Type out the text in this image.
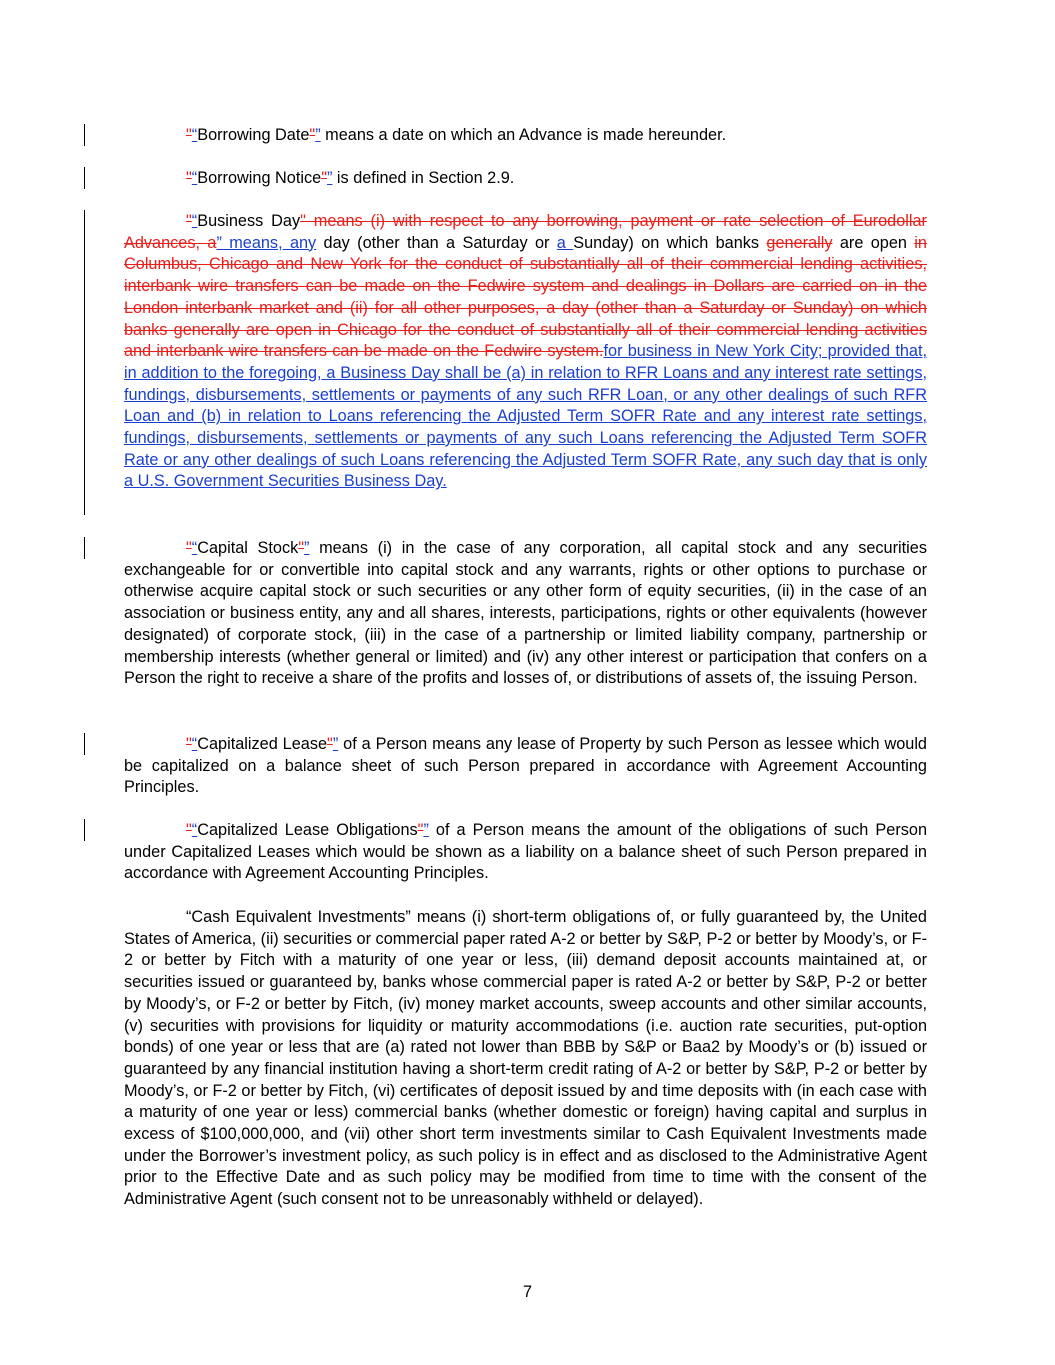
"“Borrowing Date"” means a date on which an Advance is made hereunder.

"“Borrowing Notice"” is defined in Section 2.9.

"“Business Day" means (i) with respect to any borrowing, payment or rate selection of Eurodollar Advances, a” means, any day (other than a Saturday or a Sunday) on which banks generally are open in Columbus, Chicago and New York for the conduct of substantially all of their commercial lending activities, interbank wire transfers can be made on the Fedwire system and dealings in Dollars are carried on in the London interbank market and (ii) for all other purposes, a day (other than a Saturday or Sunday) on which banks generally are open in Chicago for the conduct of substantially all of their commercial lending activities and interbank wire transfers can be made on the Fedwire system.for business in New York City; provided that, in addition to the foregoing, a Business Day shall be (a) in relation to RFR Loans and any interest rate settings, fundings, disbursements, settlements or payments of any such RFR Loan, or any other dealings of such RFR Loan and (b) in relation to Loans referencing the Adjusted Term SOFR Rate and any interest rate settings, fundings, disbursements, settlements or payments of any such Loans referencing the Adjusted Term SOFR Rate or any other dealings of such Loans referencing the Adjusted Term SOFR Rate, any such day that is only a U.S. Government Securities Business Day.

"“Capital Stock"” means (i) in the case of any corporation, all capital stock and any securities exchangeable for or convertible into capital stock and any warrants, rights or other options to purchase or otherwise acquire capital stock or such securities or any other form of equity securities, (ii) in the case of an association or business entity, any and all shares, interests, participations, rights or other equivalents (however designated) of corporate stock, (iii) in the case of a partnership or limited liability company, partnership or membership interests (whether general or limited) and (iv) any other interest or participation that confers on a Person the right to receive a share of the profits and losses of, or distributions of assets of, the issuing Person.

"“Capitalized Lease"” of a Person means any lease of Property by such Person as lessee which would be capitalized on a balance sheet of such Person prepared in accordance with Agreement Accounting Principles.

"“Capitalized Lease Obligations"” of a Person means the amount of the obligations of such Person under Capitalized Leases which would be shown as a liability on a balance sheet of such Person prepared in accordance with Agreement Accounting Principles.

“Cash Equivalent Investments” means (i) short-term obligations of, or fully guaranteed by, the United States of America, (ii) securities or commercial paper rated A-2 or better by S&P, P-2 or better by Moody’s, or F-2 or better by Fitch with a maturity of one year or less, (iii) demand deposit accounts maintained at, or securities issued or guaranteed by, banks whose commercial paper is rated A-2 or better by S&P, P-2 or better by Moody’s, or F-2 or better by Fitch, (iv) money market accounts, sweep accounts and other similar accounts, (v) securities with provisions for liquidity or maturity accommodations (i.e. auction rate securities, put-option bonds) of one year or less that are (a) rated not lower than BBB by S&P or Baa2 by Moody’s or (b) issued or guaranteed by any financial institution having a short-term credit rating of A-2 or better by S&P, P-2 or better by Moody’s, or F-2 or better by Fitch, (vi) certificates of deposit issued by and time deposits with (in each case with a maturity of one year or less) commercial banks (whether domestic or foreign) having capital and surplus in excess of $100,000,000, and (vii) other short term investments similar to Cash Equivalent Investments made under the Borrower’s investment policy, as such policy is in effect and as disclosed to the Administrative Agent prior to the Effective Date and as such policy may be modified from time to time with the consent of the Administrative Agent (such consent not to be unreasonably withheld or delayed).

7
